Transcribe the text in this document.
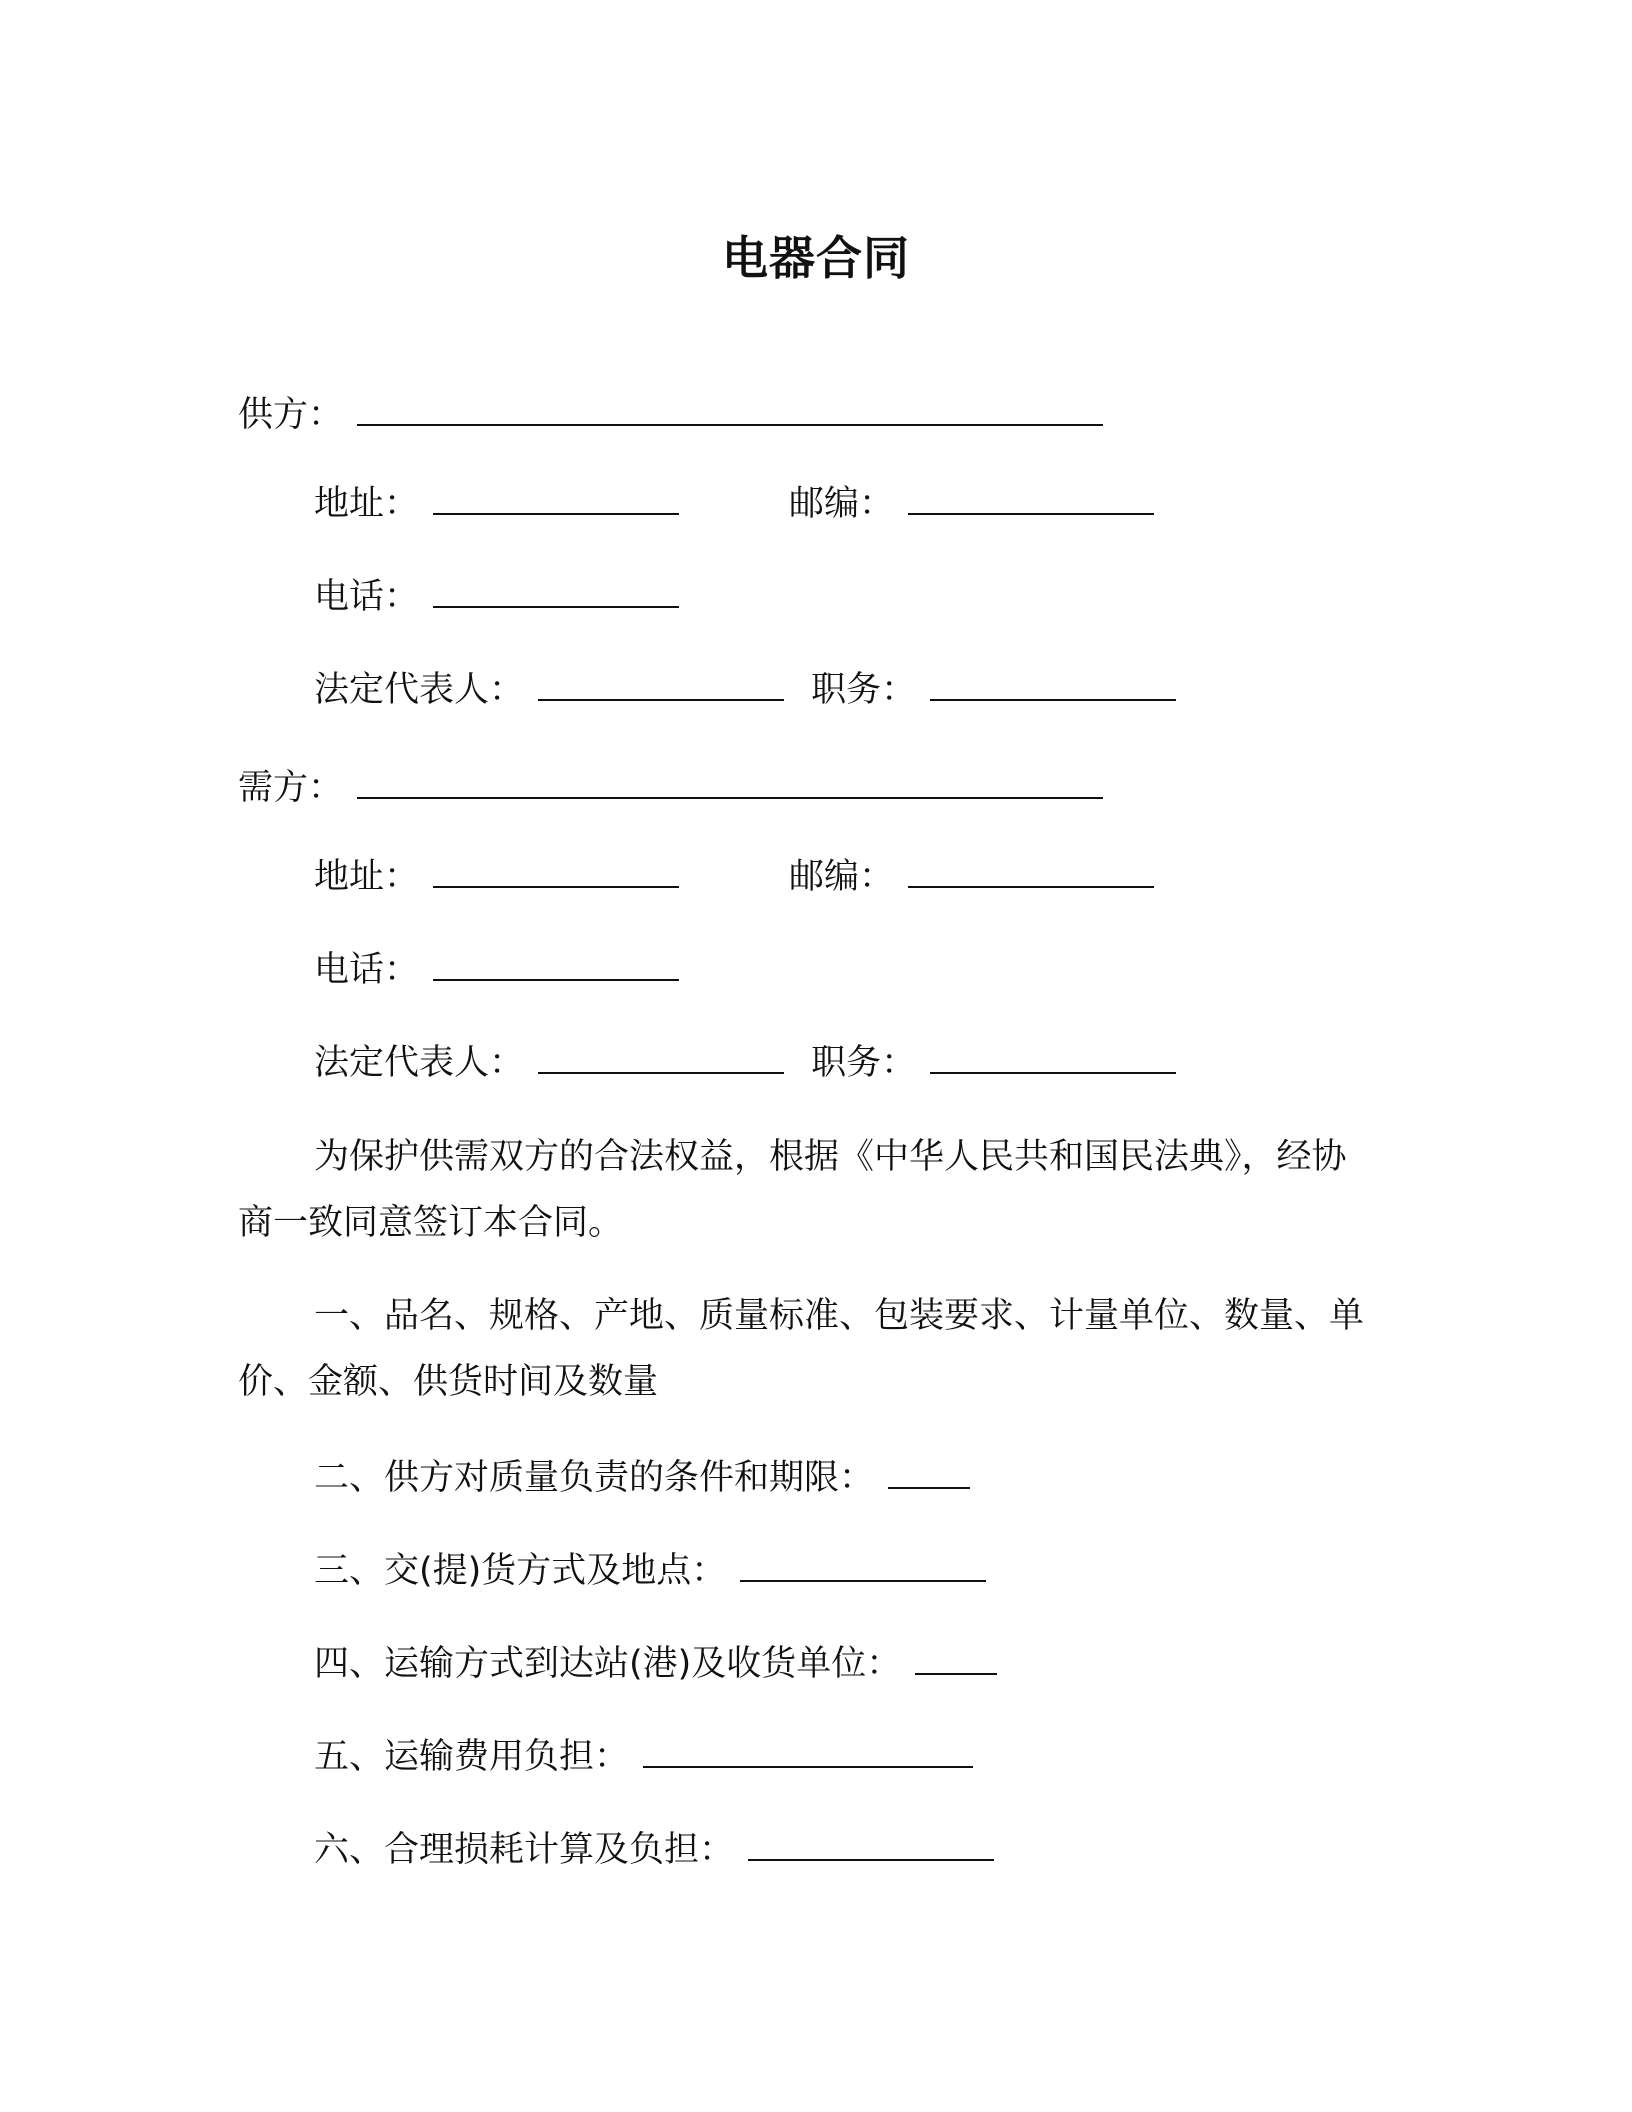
电器合同
供方：
地址：	邮编：
电话：
法定代表人：	职务：
需方：
地址：	邮编：
电话：
法定代表人：	职务：
为保护供需双方的合法权益，根据《中华人民共和国民法典》，经协商一致同意签订本合同。
一、品名、规格、产地、质量标准、包装要求、计量单位、数量、单价、金额、供货时间及数量
二、供方对质量负责的条件和期限：
三、交(提)货方式及地点：
四、运输方式到达站(港)及收货单位：
五、运输费用负担：
六、合理损耗计算及负担：
